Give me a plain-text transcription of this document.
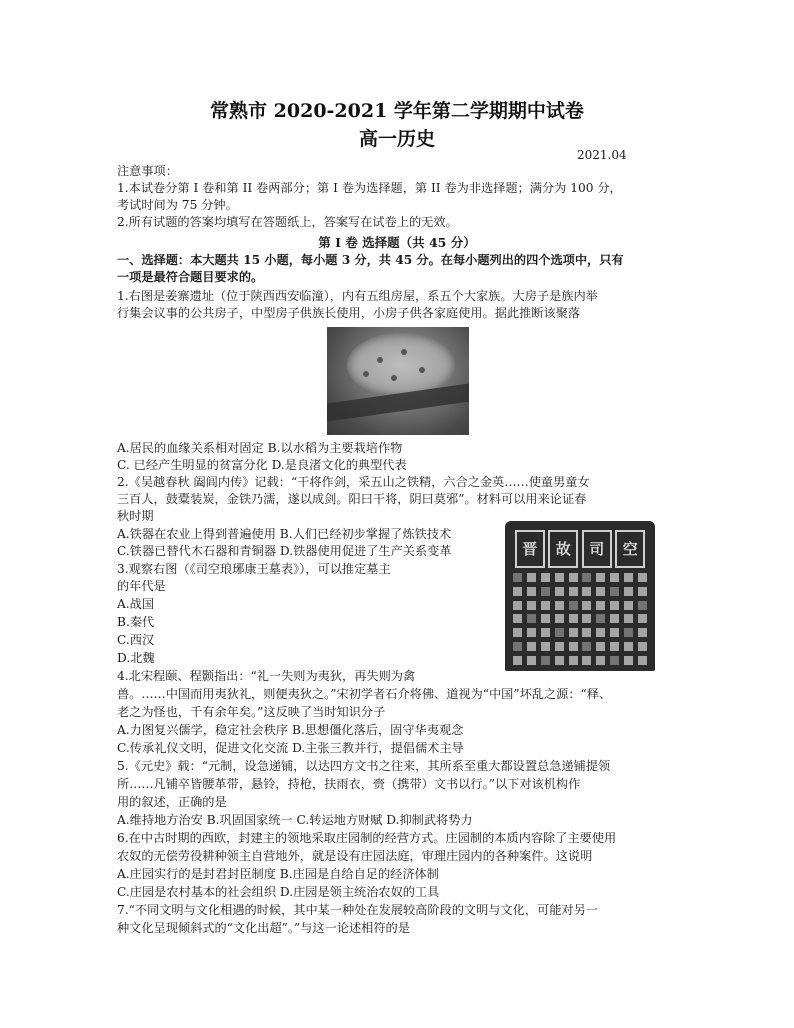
常熟市 2020-2021 学年第二学期期中试卷
高一历史
2021.04
注意事项：
1.本试卷分第 I 卷和第 II 卷两部分；第 I 卷为选择题，第 II 卷为非选择题；满分为 100 分，
考试时间为 75 分钟。
2.所有试题的答案均填写在答题纸上，答案写在试卷上的无效。
第 I 卷 选择题（共 45 分）
一、选择题：本大题共 15 小题，每小题 3 分，共 45 分。在每小题列出的四个选项中，只有
一项是最符合题目要求的。
1.右图是姜寨遗址（位于陕西西安临潼），内有五组房屋，系五个大家族。大房子是族内举
行集会议事的公共房子，中型房子供族长使用，小房子供各家庭使用。据此推断该聚落
A.居民的血缘关系相对固定 B.以水稻为主要栽培作物
C. 已经产生明显的贫富分化 D.是良渚文化的典型代表
2.《吴越春秋 阖闾内传》记载：“干将作剑，采五山之铁精，六合之金英……使童男童女
三百人，鼓橐装炭，金铁乃濡，遂以成剑。阳曰干将，阴曰莫邪”。材料可以用来论证春
秋时期
A.铁器在农业上得到普遍使用 B.人们已经初步掌握了炼铁技术
C.铁器已替代木石器和青铜器 D.铁器使用促进了生产关系变革
3.观察右图（《司空琅琊康王墓表》），可以推定墓主
的年代是
A.战国
B.秦代
C.西汉
D.北魏
晋	故	司	空
4.北宋程颐、程颢指出：“礼一失则为夷狄，再失则为禽
兽。……中国而用夷狄礼，则便夷狄之。”宋初学者石介将佛、道视为“中国”坏乱之源：“释、
老之为怪也，千有余年矣。”这反映了当时知识分子
A.力图复兴儒学，稳定社会秩序 B.思想僵化落后，固守华夷观念
C.传承礼仪文明，促进文化交流 D.主张三教并行，提倡儒术主导
5.《元史》载：“元制，设急递铺，以达四方文书之往来，其所系至重大都设置总急递铺提领
所……凡铺卒皆腰革带，悬铃，持枪，扶雨衣，赍（携带）文书以行。”以下对该机构作
用的叙述，正确的是
A.维持地方治安 B.巩固国家统一 C.转运地方财赋 D.抑制武将势力
6.在中古时期的西欧，封建主的领地采取庄园制的经营方式。庄园制的本质内容除了主要使用
农奴的无偿劳役耕种领主自营地外，就是设有庄园法庭，审理庄园内的各种案件。这说明
A.庄园实行的是封君封臣制度 B.庄园是自给自足的经济体制
C.庄园是农村基本的社会组织 D.庄园是领主统治农奴的工具
7.“不同文明与文化相遇的时候，其中某一种处在发展较高阶段的文明与文化，可能对另一
种文化呈现倾斜式的“文化出超”。”与这一论述相符的是
